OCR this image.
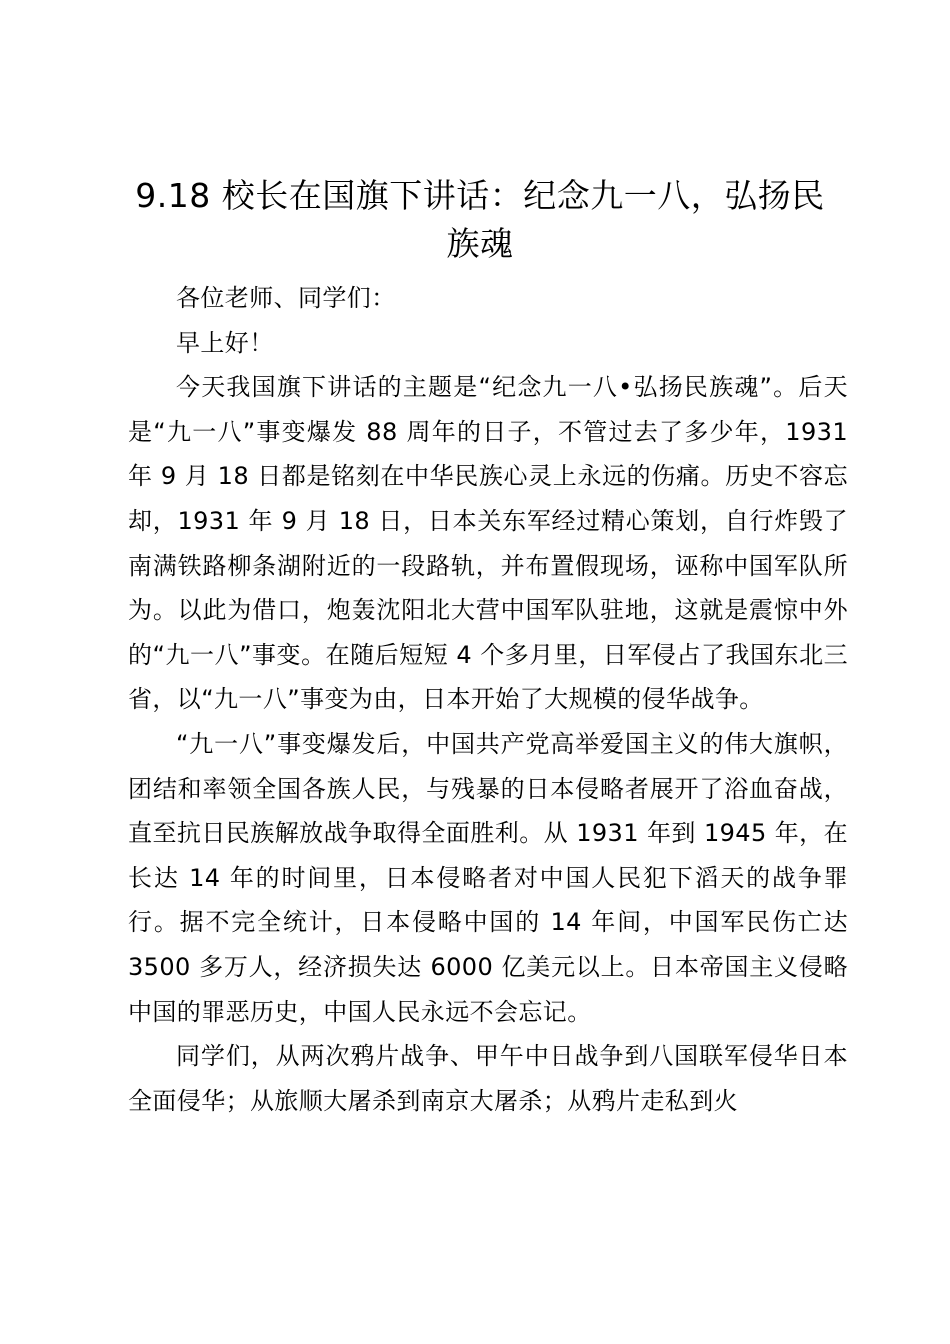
9.18 校长在国旗下讲话：纪念九一八，弘扬民族魂

各位老师、同学们：

早上好！

今天我国旗下讲话的主题是“纪念九一八•弘扬民族魂”。后天是“九一八”事变爆发 88 周年的日子，不管过去了多少年，1931 年 9 月 18 日都是铭刻在中华民族心灵上永远的伤痛。历史不容忘却，1931 年 9 月 18 日，日本关东军经过精心策划，自行炸毁了南满铁路柳条湖附近的一段路轨，并布置假现场，诬称中国军队所为。以此为借口，炮轰沈阳北大营中国军队驻地，这就是震惊中外的“九一八”事变。在随后短短 4 个多月里，日军侵占了我国东北三省，以“九一八”事变为由，日本开始了大规模的侵华战争。

“九一八”事变爆发后，中国共产党高举爱国主义的伟大旗帜，团结和率领全国各族人民，与残暴的日本侵略者展开了浴血奋战，直至抗日民族解放战争取得全面胜利。从 1931 年到 1945 年，在长达 14 年的时间里，日本侵略者对中国人民犯下滔天的战争罪行。据不完全统计，日本侵略中国的 14 年间，中国军民伤亡达 3500 多万人，经济损失达 6000 亿美元以上。日本帝国主义侵略中国的罪恶历史，中国人民永远不会忘记。

同学们，从两次鸦片战争、甲午中日战争到八国联军侵华日本全面侵华；从旅顺大屠杀到南京大屠杀；从鸦片走私到火
